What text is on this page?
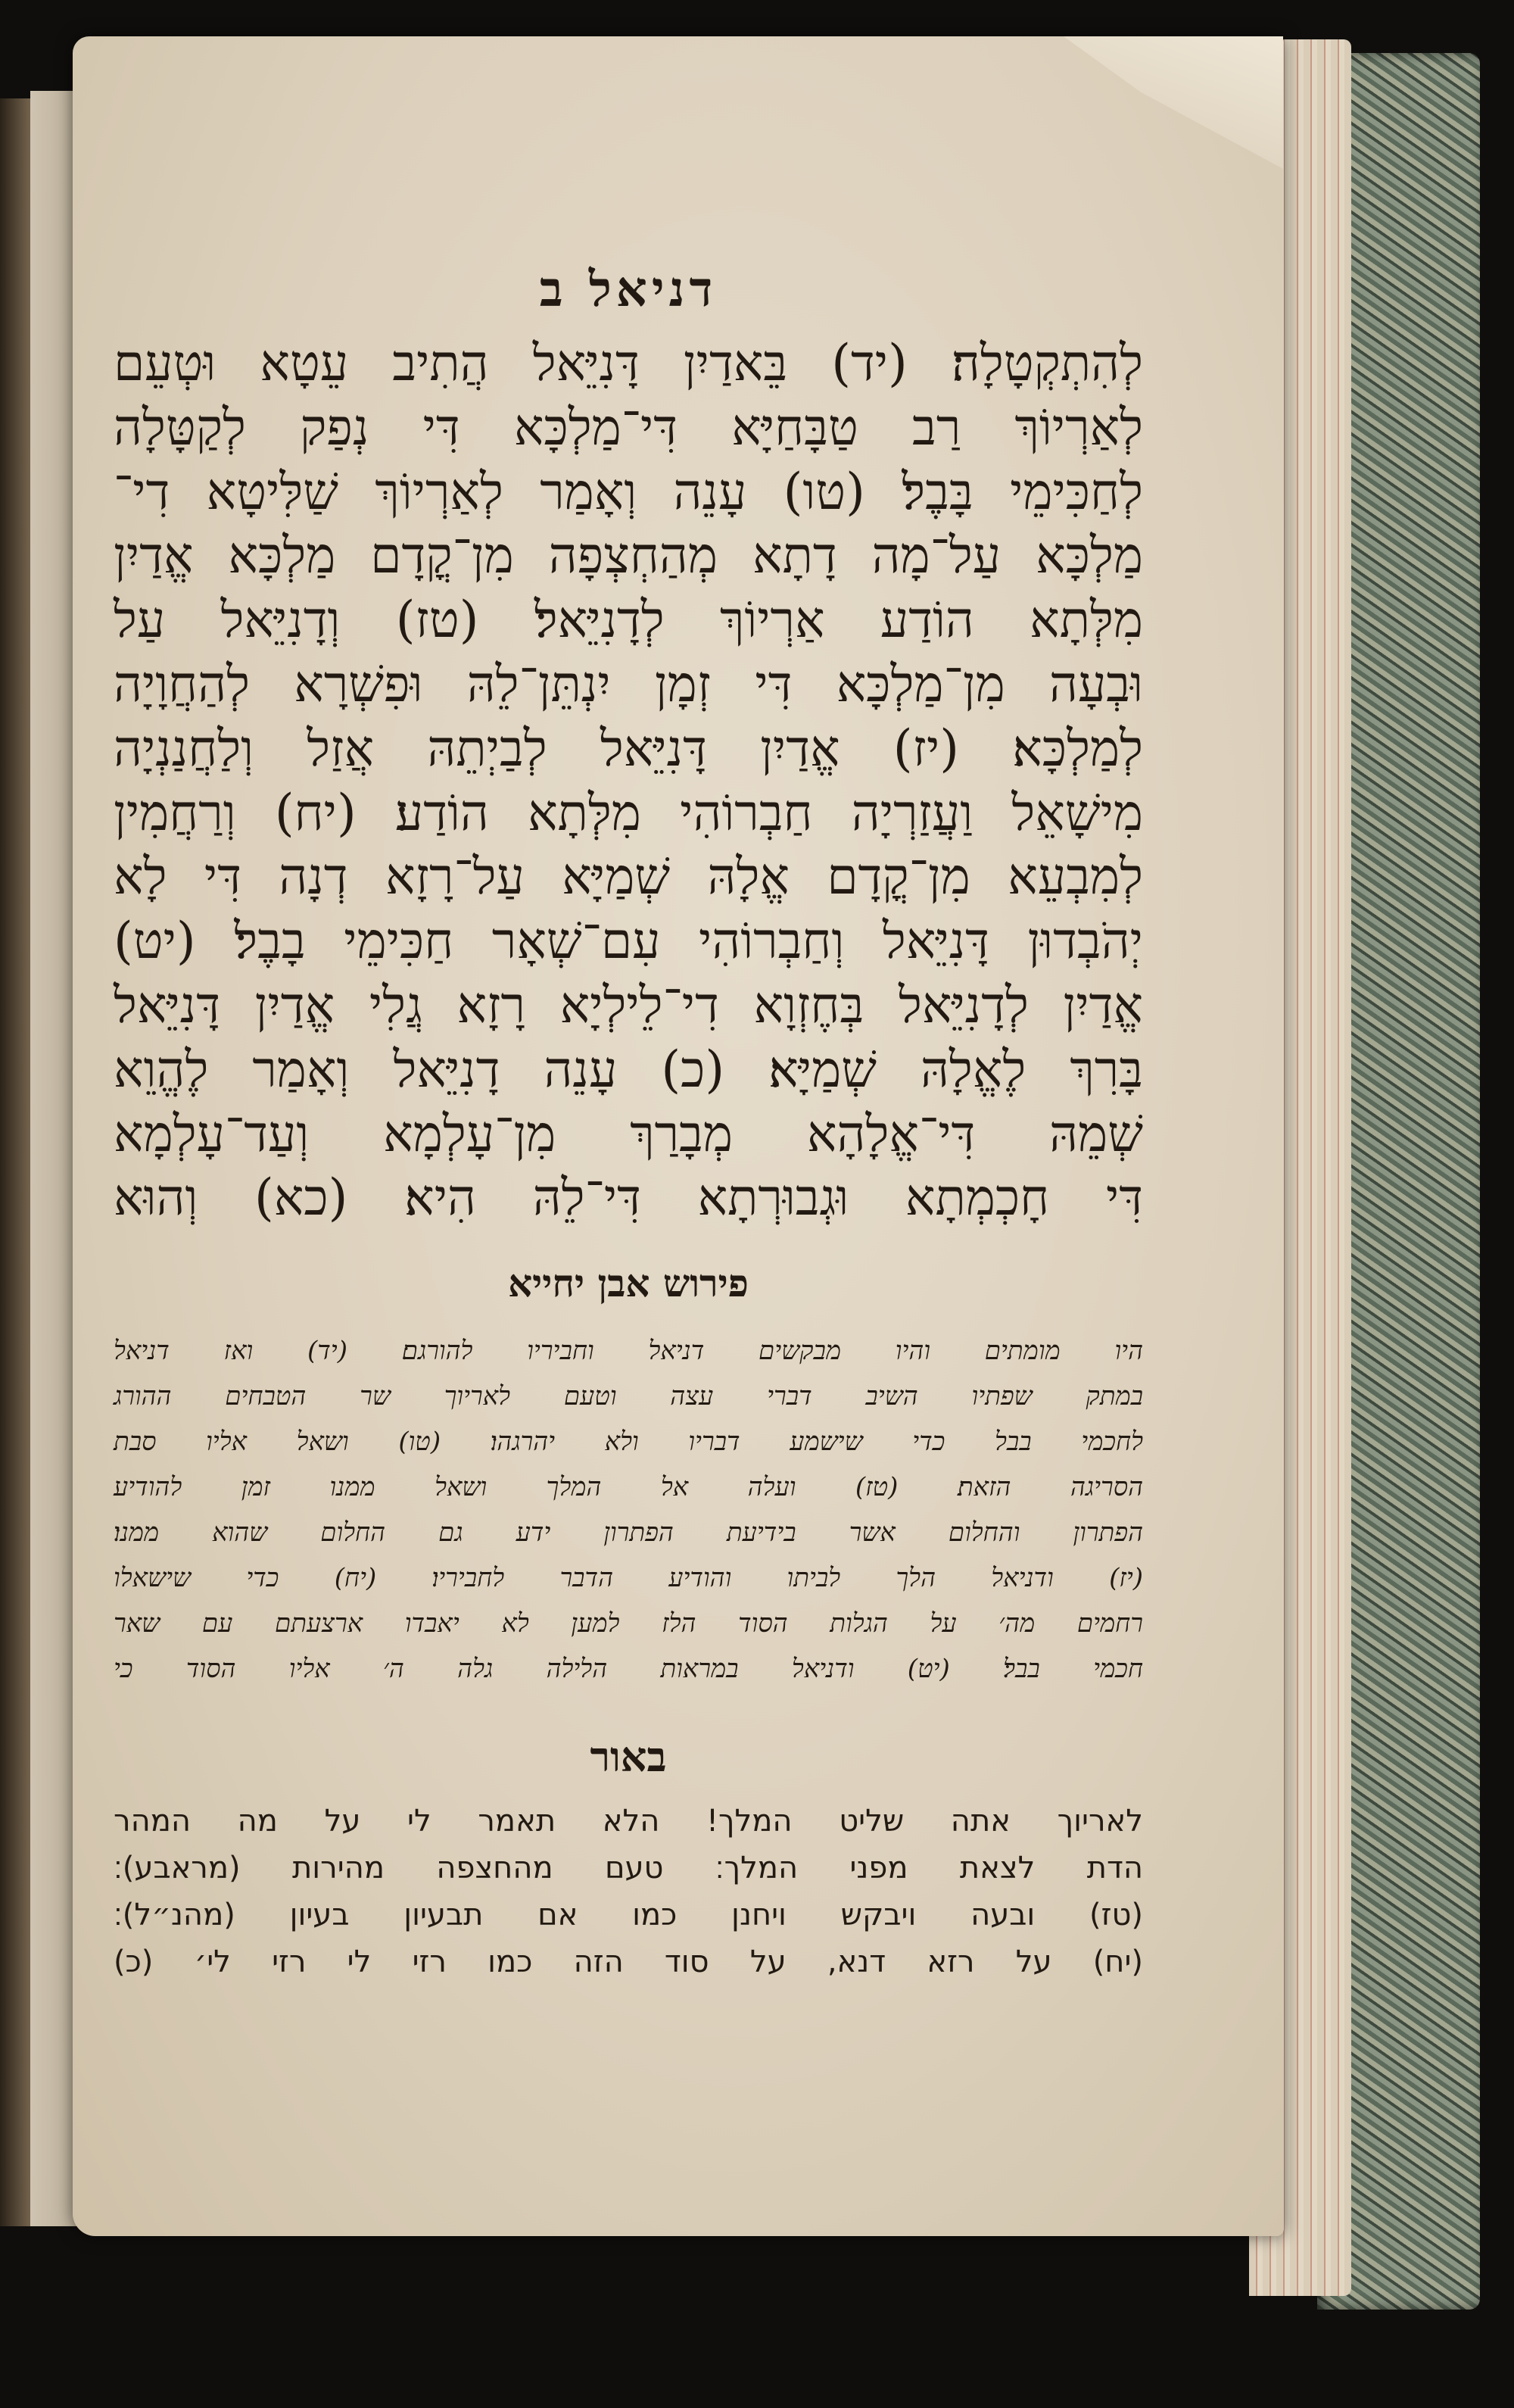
דניאל ב
לְהִתְקְטָלָה׃ (יד) בֵּאדַיִן דָּנִיֵּאל הֲתִיב עֵטָא וּטְעֵם
לְאַרְיוֹךְ רַב טַבָּחַיָּא דִּי־מַלְכָּא דִּי נְפַק לְקַטָּלָה
לְחַכִּימֵי בָּבֶל׃ (טו) עָנֵה וְאָמַר לְאַרְיוֹךְ שַׁלִּיטָא דִי־
מַלְכָּא עַל־מָה דָתָא מְהַחְצְפָה מִן־קֳדָם מַלְכָּא אֱדַיִן
מִלְּתָא הוֹדַע אַרְיוֹךְ לְדָנִיֵּאל׃ (טז) וְדָנִיֵּאל עַל
וּבְעָה מִן־מַלְכָּא דִּי זְמָן יִנְתֵּן־לֵהּ וּפִשְׁרָא לְהַחֲוָיָה
לְמַלְכָּא׃ (יז) אֱדַיִן דָּנִיֵּאל לְבַיְתֵהּ אֲזַל וְלַחֲנַנְיָה
מִישָׁאֵל וַעֲזַרְיָה חַבְרוֹהִי מִלְּתָא הוֹדַע׃ (יח) וְרַחֲמִין
לְמִבְעֵא מִן־קֳדָם אֱלָהּ שְׁמַיָּא עַל־רָזָא דְנָה דִּי לָא
יְהֹבְדוּן דָּנִיֵּאל וְחַבְרוֹהִי עִם־שְׁאָר חַכִּימֵי בָבֶל׃ (יט)
אֱדַיִן לְדָנִיֵּאל בְּחֶזְוָא דִי־לֵילְיָא רָזָא גֲלִי אֱדַיִן דָּנִיֵּאל
בָּרִךְ לֶאֱלָהּ שְׁמַיָּא׃ (כ) עָנֵה דָנִיֵּאל וְאָמַר לֶהֱוֵא
שְׁמֵהּ דִּי־אֱלָהָא מְבָרַךְ מִן־עָלְמָא וְעַד־עָלְמָא
דִּי חָכְמְתָא וּגְבוּרְתָא דִּי־לֵהּ הִיא׃ (כא) וְהוּא
פירוש אבן יחייא
היו מומתים והיו מבקשים דניאל וחביריו להורגם׃ (יד) ואז דניאל
במתק שפתיו השיב דברי עצה וטעם לאריוך שר הטבחים ההורג
לחכמי בבל כדי שישמע דבריו ולא יהרגהו׃ (טו) ושאל אליו סבת
הסריגה הזאת׃ (טז) ועלה אל המלך ושאל ממנו זמן להודיע
הפתרון והחלום אשר בידיעת הפתרון ידע גם החלום שהוא ממנו׃
(יז) ודניאל הלך לביתו והודיע הדבר לחביריו׃ (יח) כדי שישאלו
רחמים מה׳ על הגלות הסוד הלז למען לא יאבדו ארצעתם עם שאר
חכמי בבל׃ (יט) ודניאל במראות הלילה גלה ה׳ אליו הסוד כי
באור
לאריוך אתה שליט המלך! הלא תאמר לי על מה המהר
הדת לצאת מפני המלך׃ טעם מהחצפה מהירות (מראבע)׃
(טז) ובעה ויבקש ויחנן כמו אם תבעיון בעיון (מהנ״ל)׃
(יח) על רזא דנא, על סוד הזה כמו רזי לי רזי לי׳ (כ)
